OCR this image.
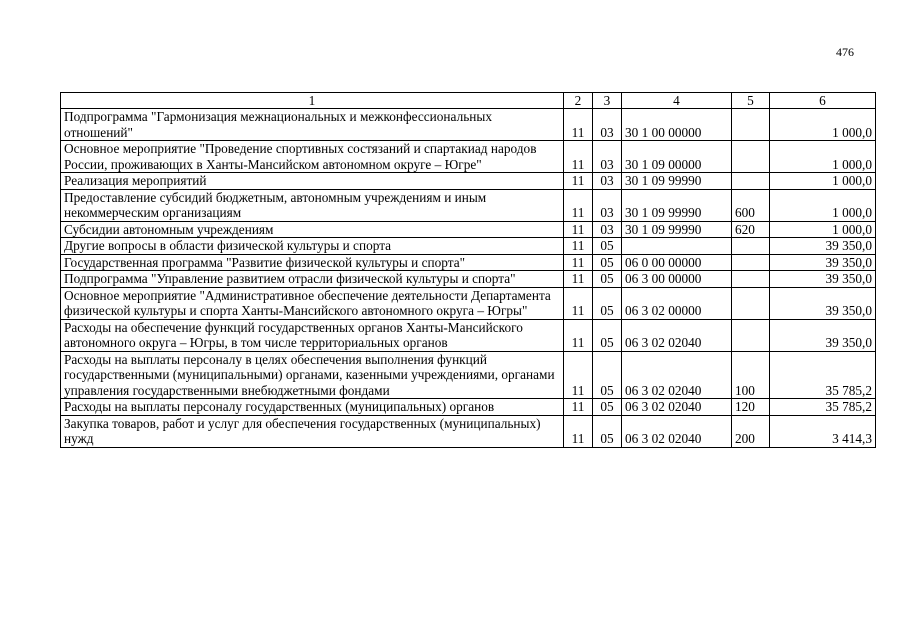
476
1	2	3	4	5	6
Подпрограмма "Гармонизация межнациональных и межконфессиональных отношений"	11	03	30 1 00 00000		1 000,0
Основное мероприятие "Проведение спортивных состязаний и спартакиад народов России, проживающих в Ханты-Мансийском автономном округе – Югре"	11	03	30 1 09 00000		1 000,0
Реализация мероприятий	11	03	30 1 09 99990		1 000,0
Предоставление субсидий бюджетным, автономным учреждениям и иным некоммерческим организациям	11	03	30 1 09 99990	600	1 000,0
Субсидии автономным учреждениям	11	03	30 1 09 99990	620	1 000,0
Другие вопросы в области физической культуры и спорта	11	05			39 350,0
Государственная программа "Развитие физической культуры и спорта"	11	05	06 0 00 00000		39 350,0
Подпрограмма "Управление развитием отрасли физической культуры и спорта"	11	05	06 3 00 00000		39 350,0
Основное мероприятие "Административное обеспечение деятельности Департамента физической культуры и спорта Ханты-Мансийского автономного округа – Югры"	11	05	06 3 02 00000		39 350,0
Расходы на обеспечение функций государственных органов Ханты-Мансийского автономного округа – Югры, в том числе территориальных органов	11	05	06 3 02 02040		39 350,0
Расходы на выплаты персоналу в целях обеспечения выполнения функций государственными (муниципальными) органами, казенными учреждениями, органами управления государственными внебюджетными фондами	11	05	06 3 02 02040	100	35 785,2
Расходы на выплаты персоналу государственных (муниципальных) органов	11	05	06 3 02 02040	120	35 785,2
Закупка товаров, работ и услуг для обеспечения государственных (муниципальных) нужд	11	05	06 3 02 02040	200	3 414,3
